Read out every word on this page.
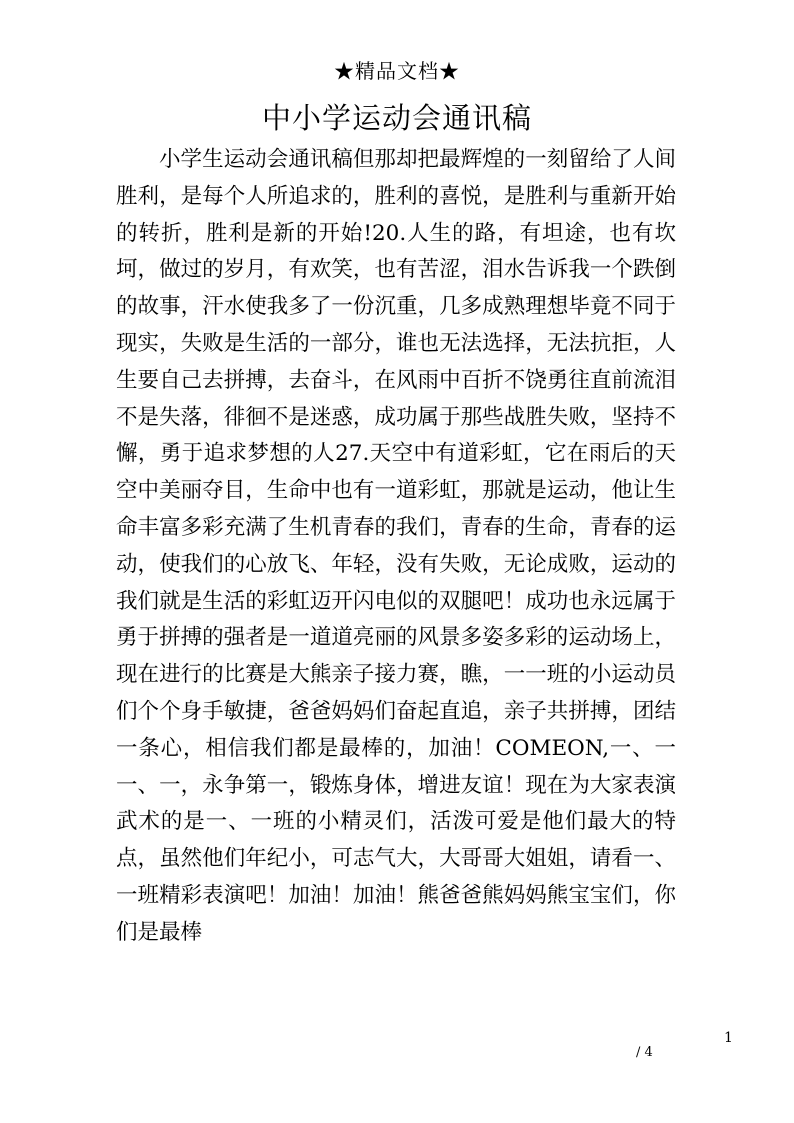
★精品文档★
中小学运动会通讯稿

小学生运动会通讯稿但那却把最辉煌的一刻留给了人间胜利，是每个人所追求的，胜利的喜悦，是胜利与重新开始的转折，胜利是新的开始!20.人生的路，有坦途，也有坎坷，做过的岁月，有欢笑，也有苦涩，泪水告诉我一个跌倒的故事，汗水使我多了一份沉重，几多成熟理想毕竟不同于现实，失败是生活的一部分，谁也无法选择，无法抗拒，人生要自己去拼搏，去奋斗，在风雨中百折不饶勇往直前流泪不是失落，徘徊不是迷惑，成功属于那些战胜失败，坚持不懈，勇于追求梦想的人27.天空中有道彩虹，它在雨后的天空中美丽夺目，生命中也有一道彩虹，那就是运动，他让生命丰富多彩充满了生机青春的我们，青春的生命，青春的运动，使我们的心放飞、年轻，没有失败，无论成败，运动的我们就是生活的彩虹迈开闪电似的双腿吧！成功也永远属于勇于拼搏的强者是一道道亮丽的风景多姿多彩的运动场上，现在进行的比赛是大熊亲子接力赛，瞧，一一班的小运动员们个个身手敏捷，爸爸妈妈们奋起直追，亲子共拼搏，团结一条心，相信我们都是最棒的，加油！COMEON,一、一一、一，永争第一，锻炼身体，增进友谊！现在为大家表演武术的是一、一班的小精灵们，活泼可爱是他们最大的特点，虽然他们年纪小，可志气大，大哥哥大姐姐，请看一、一班精彩表演吧！加油！加油！熊爸爸熊妈妈熊宝宝们，你们是最棒

1
/ 4
